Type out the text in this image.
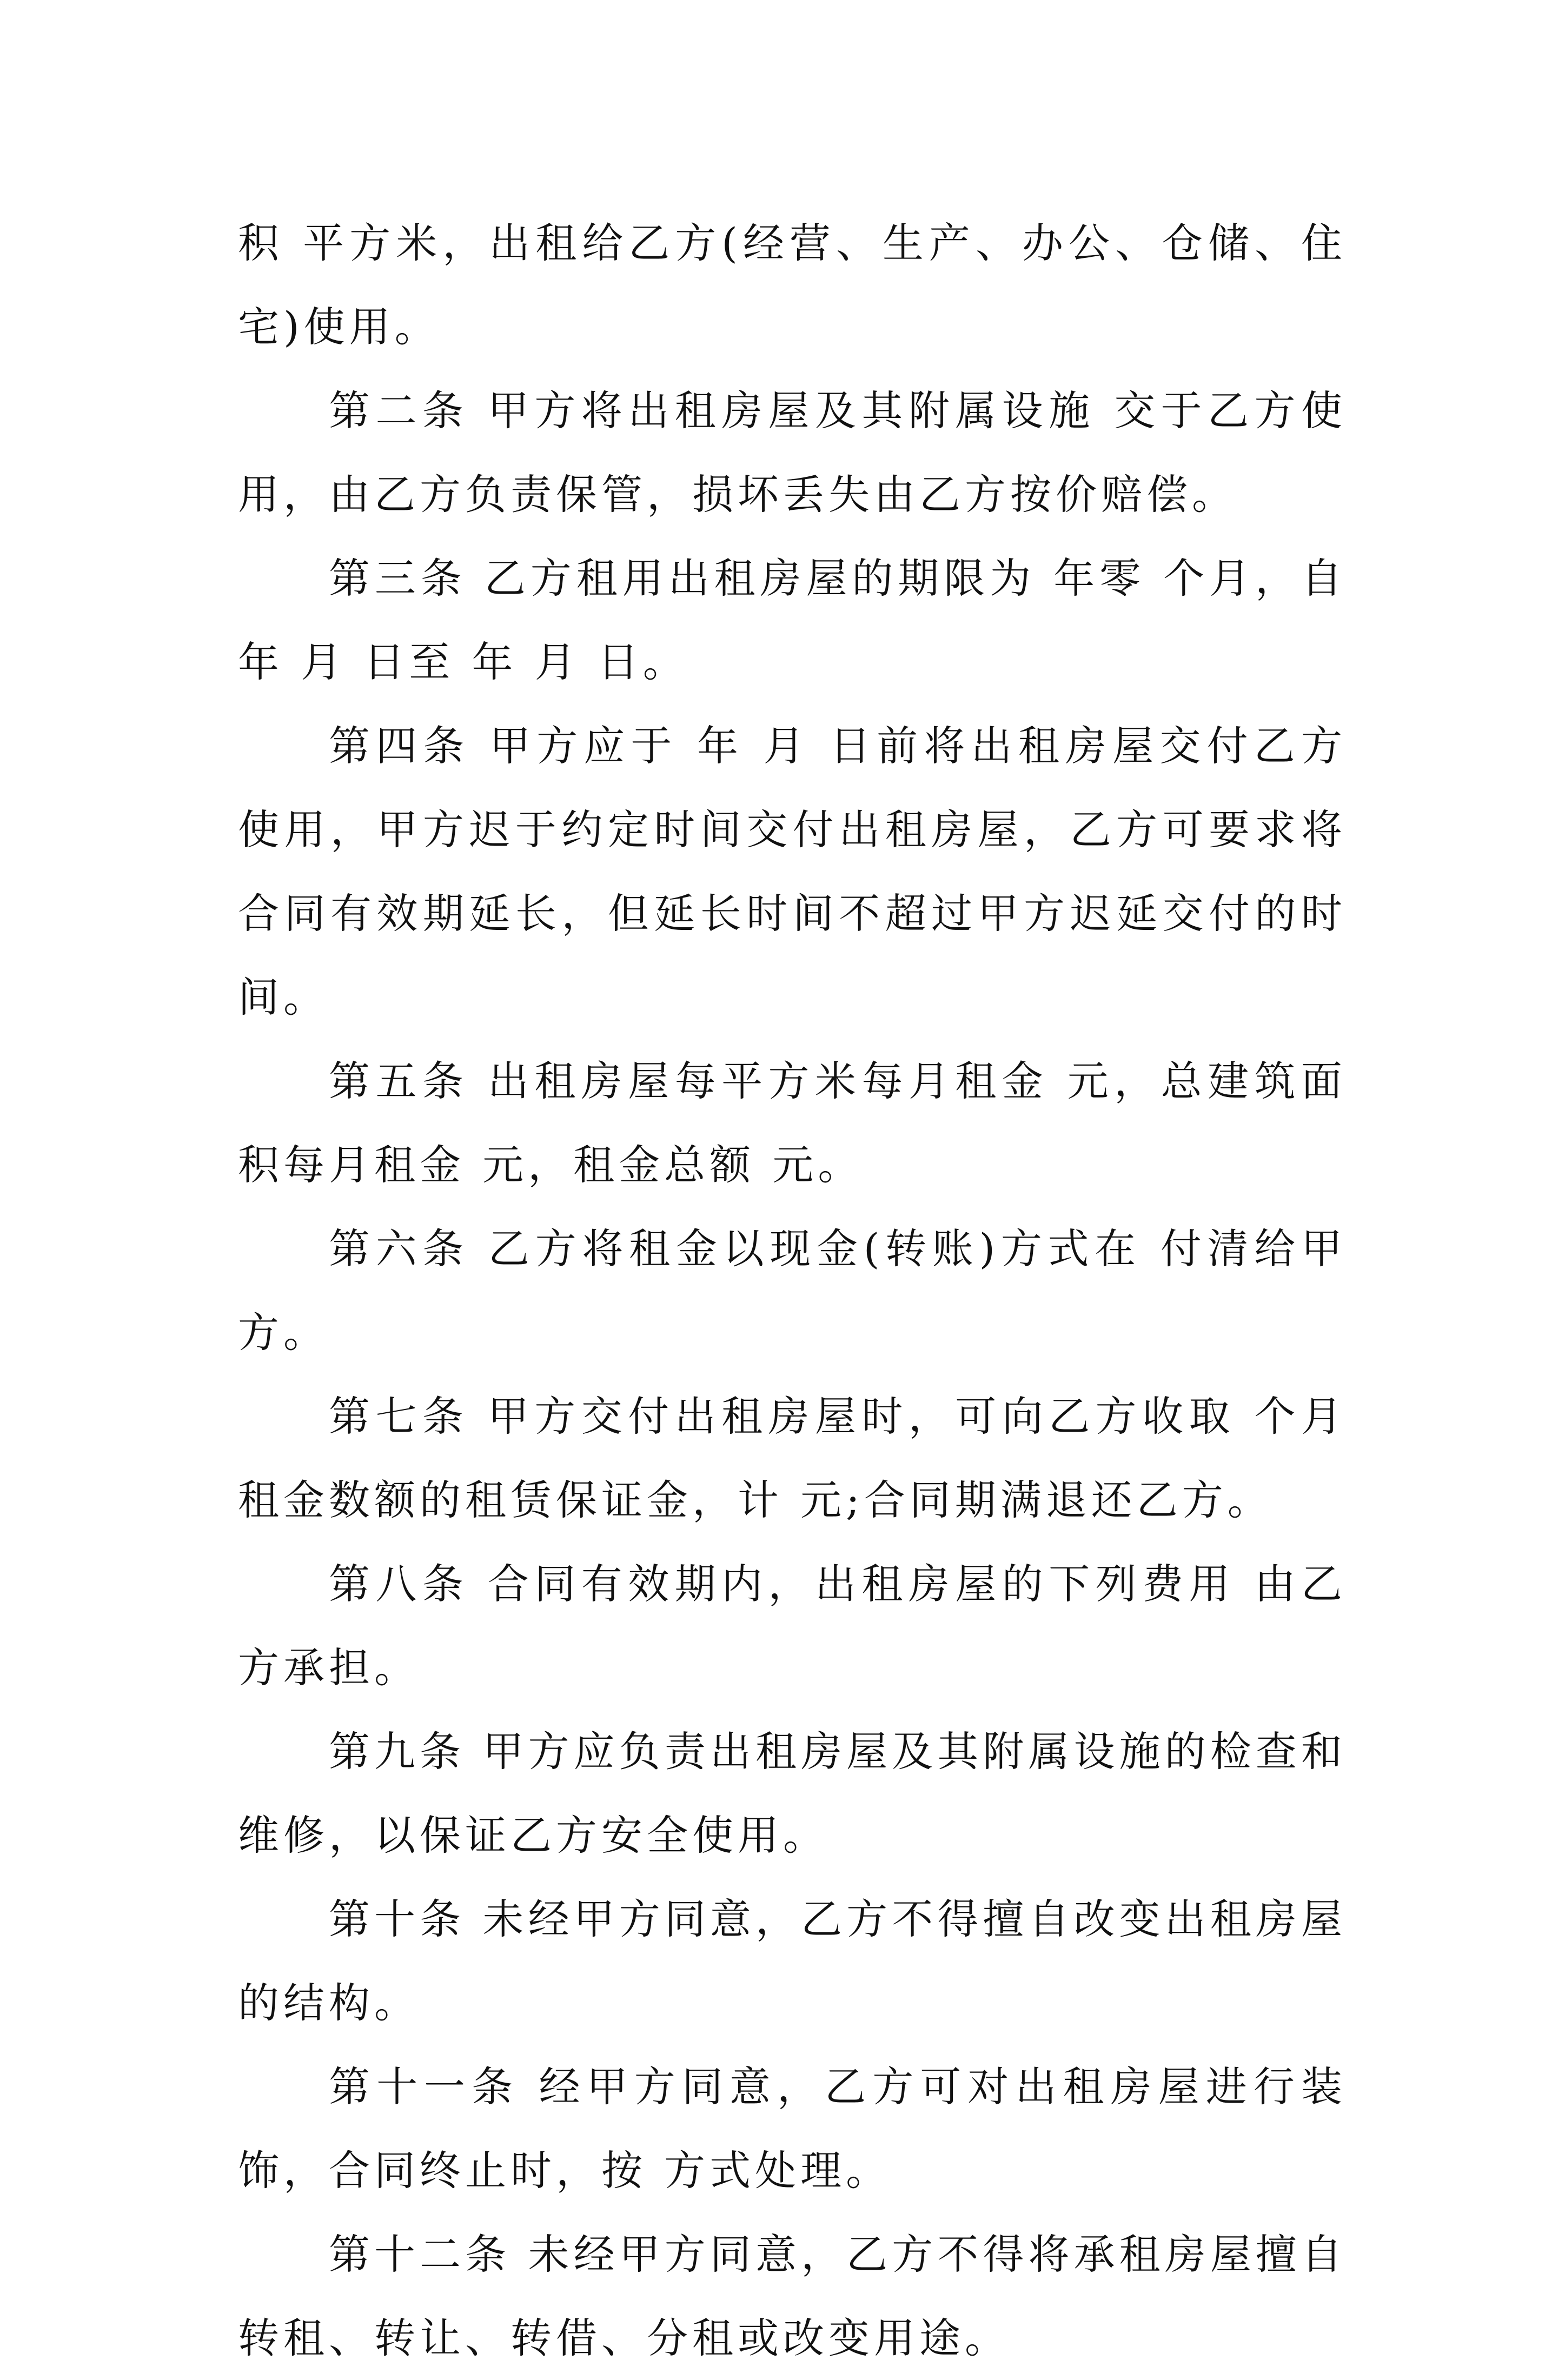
积 平方米，出租给乙方(经营、生产、办公、仓储、住宅)使用。

第二条 甲方将出租房屋及其附属设施 交于乙方使用，由乙方负责保管，损坏丢失由乙方按价赔偿。

第三条 乙方租用出租房屋的期限为 年零 个月，自 年 月 日至 年 月 日。

第四条 甲方应于 年 月 日前将出租房屋交付乙方使用，甲方迟于约定时间交付出租房屋，乙方可要求将合同有效期延长，但延长时间不超过甲方迟延交付的时间。

第五条 出租房屋每平方米每月租金 元，总建筑面积每月租金 元，租金总额 元。

第六条 乙方将租金以现金(转账)方式在 付清给甲方。

第七条 甲方交付出租房屋时，可向乙方收取 个月租金数额的租赁保证金，计 元;合同期满退还乙方。

第八条 合同有效期内，出租房屋的下列费用 由乙方承担。

第九条 甲方应负责出租房屋及其附属设施的检查和维修，以保证乙方安全使用。

第十条 未经甲方同意，乙方不得擅自改变出租房屋的结构。

第十一条 经甲方同意，乙方可对出租房屋进行装饰，合同终止时，按 方式处理。

第十二条 未经甲方同意，乙方不得将承租房屋擅自转租、转让、转借、分租或改变用途。
